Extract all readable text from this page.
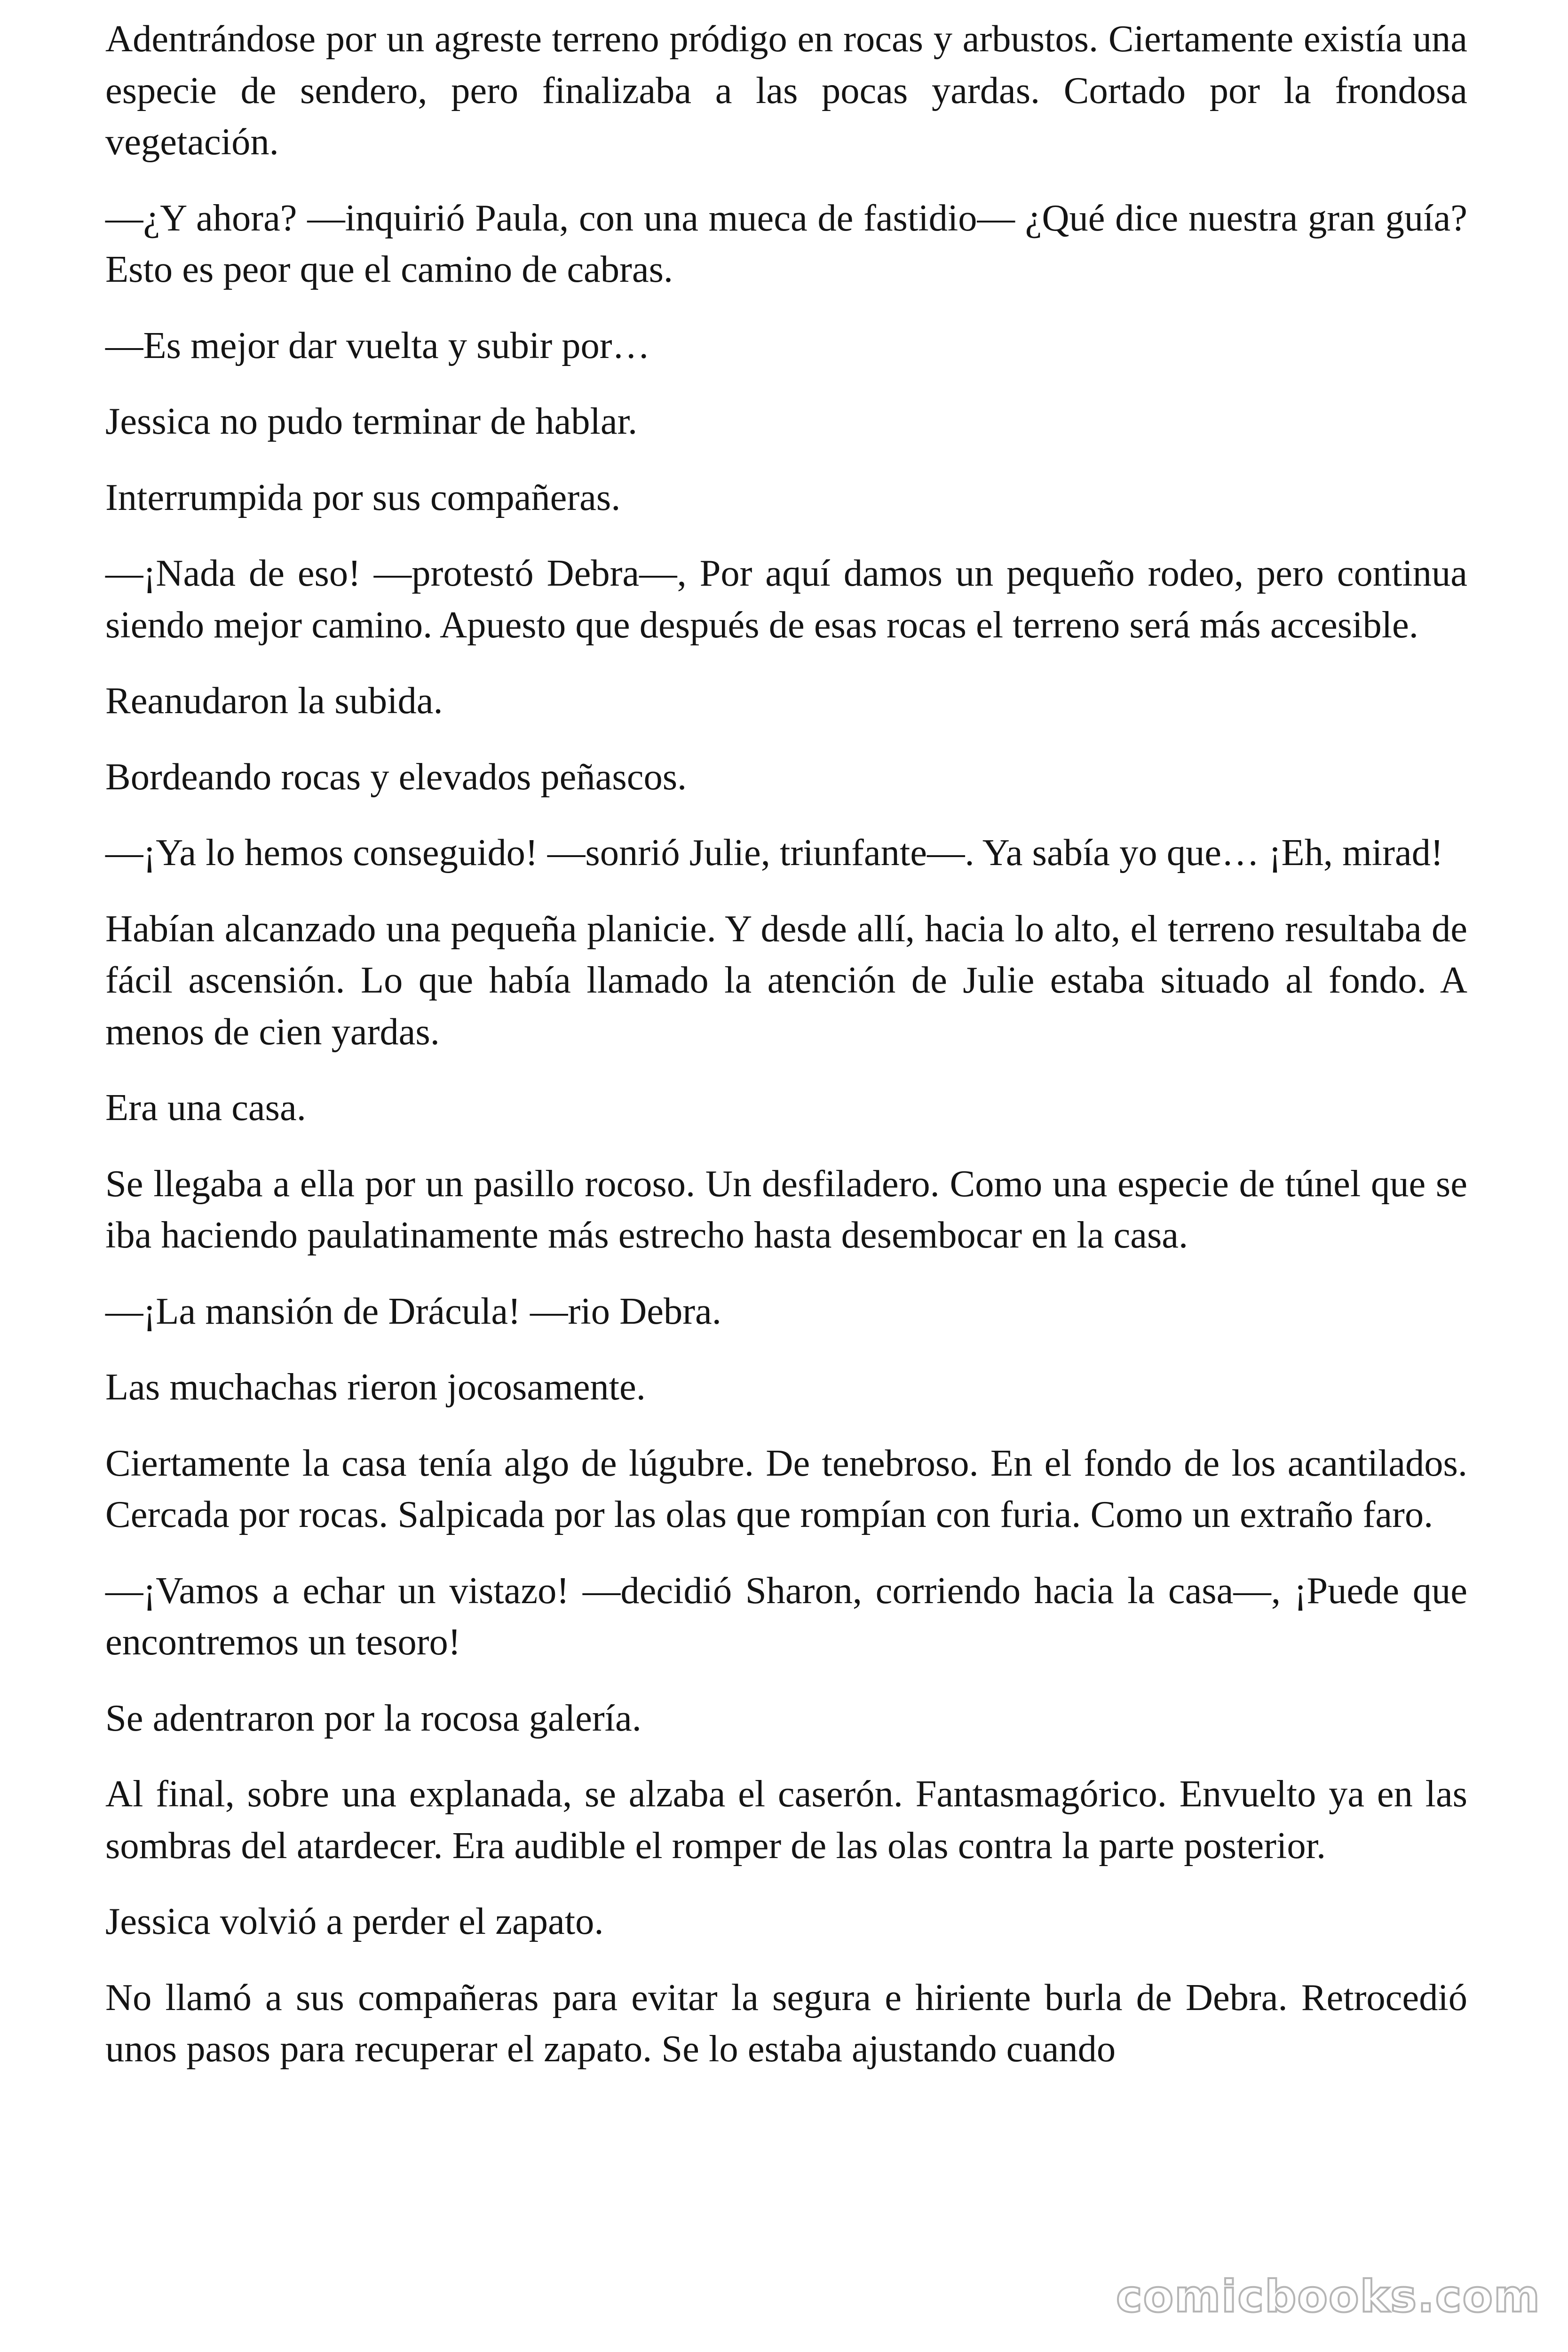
Adentrándose por un agreste terreno pródigo en rocas y arbustos. Ciertamente existía una especie de sendero, pero finalizaba a las pocas yardas. Cortado por la frondosa vegetación.

—¿Y ahora? —inquirió Paula, con una mueca de fastidio— ¿Qué dice nuestra gran guía? Esto es peor que el camino de cabras.

—Es mejor dar vuelta y subir por…

Jessica no pudo terminar de hablar.

Interrumpida por sus compañeras.

—¡Nada de eso! —protestó Debra—, Por aquí damos un pequeño rodeo, pero continua siendo mejor camino. Apuesto que después de esas rocas el terreno será más accesible.

Reanudaron la subida.

Bordeando rocas y elevados peñascos.

—¡Ya lo hemos conseguido! —sonrió Julie, triunfante—. Ya sabía yo que… ¡Eh, mirad!

Habían alcanzado una pequeña planicie. Y desde allí, hacia lo alto, el terreno resultaba de fácil ascensión. Lo que había llamado la atención de Julie estaba situado al fondo. A menos de cien yardas.

Era una casa.

Se llegaba a ella por un pasillo rocoso. Un desfiladero. Como una especie de túnel que se iba haciendo paulatinamente más estrecho hasta desembocar en la casa.

—¡La mansión de Drácula! —rio Debra.

Las muchachas rieron jocosamente.

Ciertamente la casa tenía algo de lúgubre. De tenebroso. En el fondo de los acantilados. Cercada por rocas. Salpicada por las olas que rompían con furia. Como un extraño faro.

—¡Vamos a echar un vistazo! —decidió Sharon, corriendo hacia la casa—, ¡Puede que encontremos un tesoro!

Se adentraron por la rocosa galería.

Al final, sobre una explanada, se alzaba el caserón. Fantasmagórico. Envuelto ya en las sombras del atardecer. Era audible el romper de las olas contra la parte posterior.

Jessica volvió a perder el zapato.

No llamó a sus compañeras para evitar la segura e hiriente burla de Debra. Retrocedió unos pasos para recuperar el zapato. Se lo estaba ajustando cuando

comicbooks.com
